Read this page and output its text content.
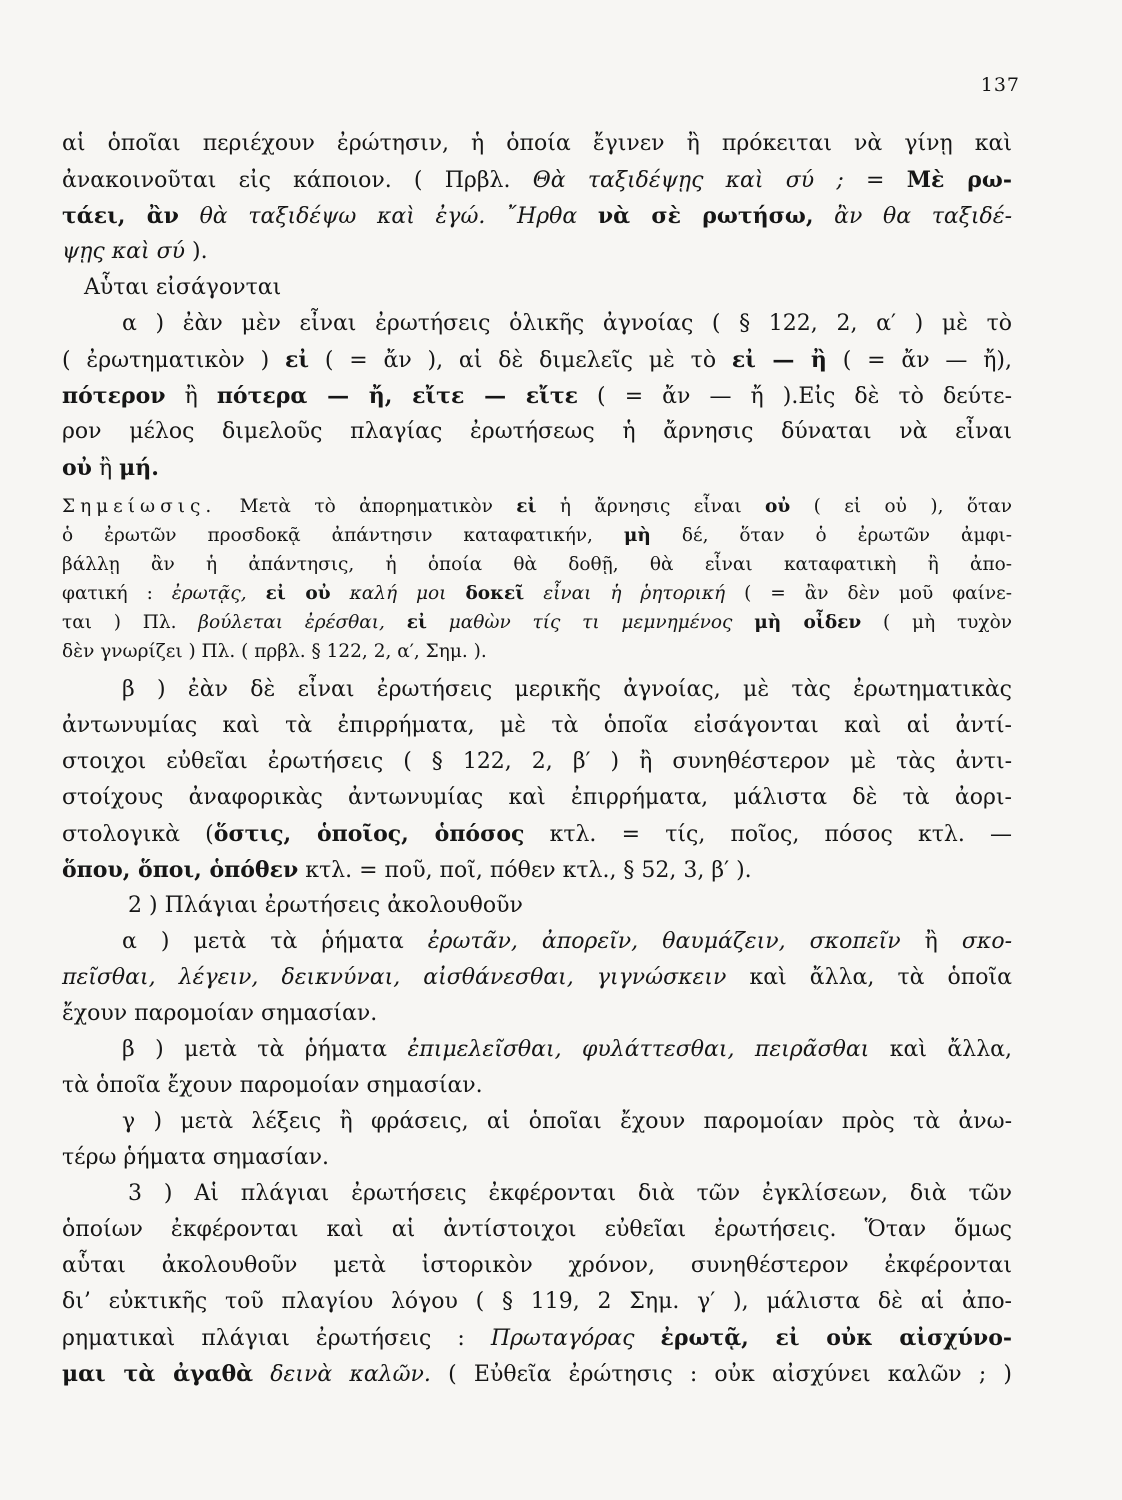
137
αἱ ὁποῖαι περιέχουν ἐρώτησιν, ἡ ὁποία ἔγινεν ἢ πρόκειται νὰ γίνῃ καὶ
ἀνακοινοῦται εἰς κάποιον. ( Πρβλ. Θὰ ταξιδέψῃς καὶ σύ ; = Μὲ ρω-
τάει, ἂν θὰ ταξιδέψω καὶ ἐγώ. ῎Ηρθα νὰ σὲ ρωτήσω, ἂν θα ταξιδέ-
ψῃς καὶ σύ ).
Αὗται εἰσάγονται
α ) ἐὰν μὲν εἶναι ἐρωτήσεις ὁλικῆς ἀγνοίας ( § 122, 2, α′ ) μὲ τὸ
( ἐρωτηματικὸν ) εἰ ( = ἄν ), αἱ δὲ διμελεῖς μὲ τὸ εἰ — ἢ ( = ἄν — ἤ),
πότερον ἢ πότερα — ἤ, εἴτε — εἴτε ( = ἄν — ἤ ).Εἰς δὲ τὸ δεύτε-
ρον μέλος διμελοῦς πλαγίας ἐρωτήσεως ἡ ἄρνησις δύναται νὰ εἶναι
οὐ ἢ μή.
Σημείωσις. Μετὰ τὸ ἀπορηματικὸν εἰ ἡ ἄρνησις εἶναι οὐ ( εἰ οὐ ), ὅταν
ὁ ἐρωτῶν προσδοκᾷ ἀπάντησιν καταφατικήν, μὴ δέ, ὅταν ὁ ἐρωτῶν ἀμφι-
βάλλῃ ἂν ἡ ἀπάντησις, ἡ ὁποία θὰ δοθῇ, θὰ εἶναι καταφατικὴ ἢ ἀπο-
φατική : ἐρωτᾷς, εἰ οὐ καλή μοι δοκεῖ εἶναι ἡ ῥητορική ( = ἂν δὲν μοῦ φαίνε-
ται ) Πλ. βούλεται ἐρέσθαι, εἰ μαθὼν τίς τι μεμνημένος μὴ οἶδεν ( μὴ τυχὸν
δὲν γνωρίζει ) Πλ. ( πρβλ. § 122, 2, α′, Σημ. ).
β ) ἐὰν δὲ εἶναι ἐρωτήσεις μερικῆς ἀγνοίας, μὲ τὰς ἐρωτηματικὰς
ἀντωνυμίας καὶ τὰ ἐπιρρήματα, μὲ τὰ ὁποῖα εἰσάγονται καὶ αἱ ἀντί-
στοιχοι εὐθεῖαι ἐρωτήσεις ( § 122, 2, β′ ) ἢ συνηθέστερον μὲ τὰς ἀντι-
στοίχους ἀναφορικὰς ἀντωνυμίας καὶ ἐπιρρήματα, μάλιστα δὲ τὰ ἀορι-
στολογικὰ (ὅστις, ὁποῖος, ὁπόσος κτλ. = τίς, ποῖος, πόσος κτλ. —
ὅπου, ὅποι, ὁπόθεν κτλ. = ποῦ, ποῖ, πόθεν κτλ., § 52, 3, β′ ).
2 ) Πλάγιαι ἐρωτήσεις ἀκολουθοῦν
α ) μετὰ τὰ ῥήματα ἐρωτᾶν, ἀπορεῖν, θαυμάζειν, σκοπεῖν ἢ σκο-
πεῖσθαι, λέγειν, δεικνύναι, αἰσθάνεσθαι, γιγνώσκειν καὶ ἄλλα, τὰ ὁποῖα
ἔχουν παρομοίαν σημασίαν.
β ) μετὰ τὰ ῥήματα ἐπιμελεῖσθαι, φυλάττεσθαι, πειρᾶσθαι καὶ ἄλλα,
τὰ ὁποῖα ἔχουν παρομοίαν σημασίαν.
γ ) μετὰ λέξεις ἢ φράσεις, αἱ ὁποῖαι ἔχουν παρομοίαν πρὸς τὰ ἀνω-
τέρω ῥήματα σημασίαν.
3 ) Αἱ πλάγιαι ἐρωτήσεις ἐκφέρονται διὰ τῶν ἐγκλίσεων, διὰ τῶν
ὁποίων ἐκφέρονται καὶ αἱ ἀντίστοιχοι εὐθεῖαι ἐρωτήσεις. Ὅταν ὅμως
αὗται ἀκολουθοῦν μετὰ ἱστορικὸν χρόνον, συνηθέστερον ἐκφέρονται
δι’ εὐκτικῆς τοῦ πλαγίου λόγου ( § 119, 2 Σημ. γ′ ), μάλιστα δὲ αἱ ἀπο-
ρηματικαὶ πλάγιαι ἐρωτήσεις : Πρωταγόρας ἐρωτᾷ, εἰ οὐκ αἰσχύνο-
μαι τὰ ἀγαθὰ δεινὰ καλῶν. ( Εὐθεῖα ἐρώτησις : οὐκ αἰσχύνει καλῶν ; )
